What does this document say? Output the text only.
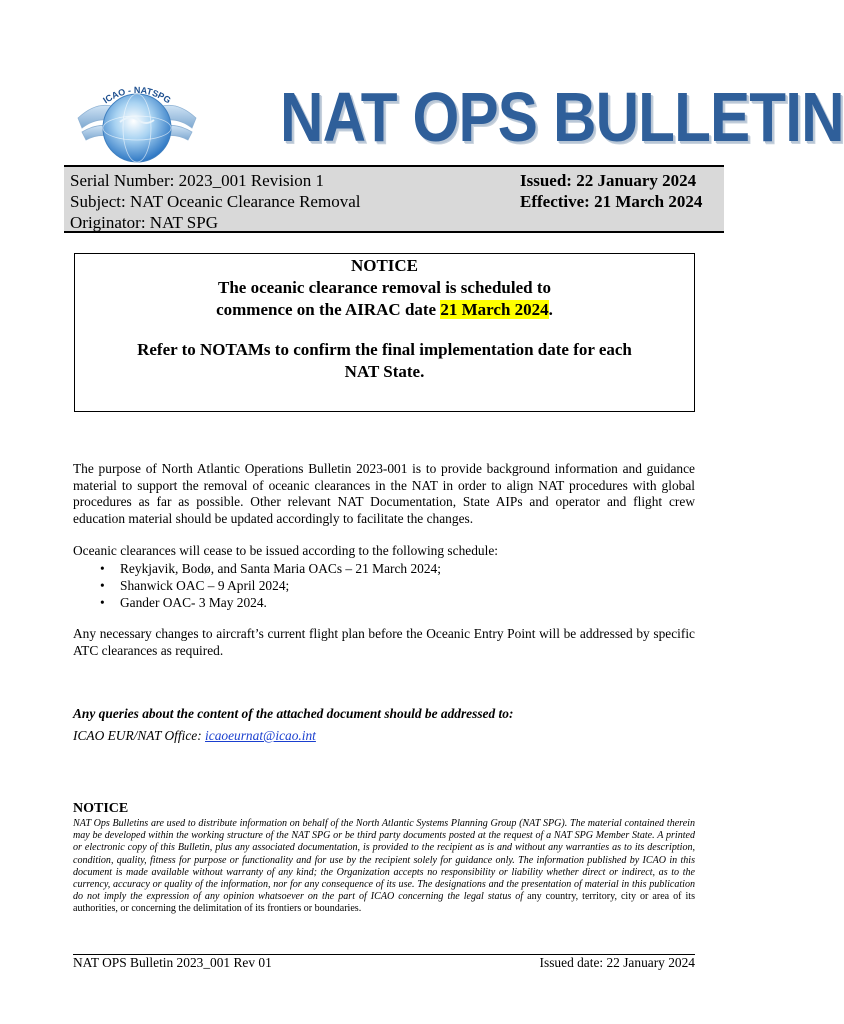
ICAO - NATSPG NAT OPS BULLETIN
Serial Number: 2023_001 Revision 1
Subject: NAT Oceanic Clearance Removal
Originator: NAT SPG
Issued: 22 January 2024
Effective: 21 March 2024
NOTICE
The oceanic clearance removal is scheduled to
commence on the AIRAC date 21 March 2024.
Refer to NOTAMs to confirm the final implementation date for each
NAT State.
The purpose of North Atlantic Operations Bulletin 2023-001 is to provide background information and guidance material to support the removal of oceanic clearances in the NAT in order to align NAT procedures with global procedures as far as possible. Other relevant NAT Documentation, State AIPs and operator and flight crew education material should be updated accordingly to facilitate the changes.
Oceanic clearances will cease to be issued according to the following schedule:
• Reykjavik, Bodø, and Santa Maria OACs – 21 March 2024;
• Shanwick OAC – 9 April 2024;
• Gander OAC- 3 May 2024.
Any necessary changes to aircraft’s current flight plan before the Oceanic Entry Point will be addressed by specific ATC clearances as required.
Any queries about the content of the attached document should be addressed to:
ICAO EUR/NAT Office: icaoeurnat@icao.int
NOTICE
NAT Ops Bulletins are used to distribute information on behalf of the North Atlantic Systems Planning Group (NAT SPG). The material contained therein may be developed within the working structure of the NAT SPG or be third party documents posted at the request of a NAT SPG Member State. A printed or electronic copy of this Bulletin, plus any associated documentation, is provided to the recipient as is and without any warranties as to its description, condition, quality, fitness for purpose or functionality and for use by the recipient solely for guidance only. The information published by ICAO in this document is made available without warranty of any kind; the Organization accepts no responsibility or liability whether direct or indirect, as to the currency, accuracy or quality of the information, nor for any consequence of its use. The designations and the presentation of material in this publication do not imply the expression of any opinion whatsoever on the part of ICAO concerning the legal status of any country, territory, city or area of its authorities, or concerning the delimitation of its frontiers or boundaries.
NAT OPS Bulletin 2023_001 Rev 01	Issued date: 22 January 2024
